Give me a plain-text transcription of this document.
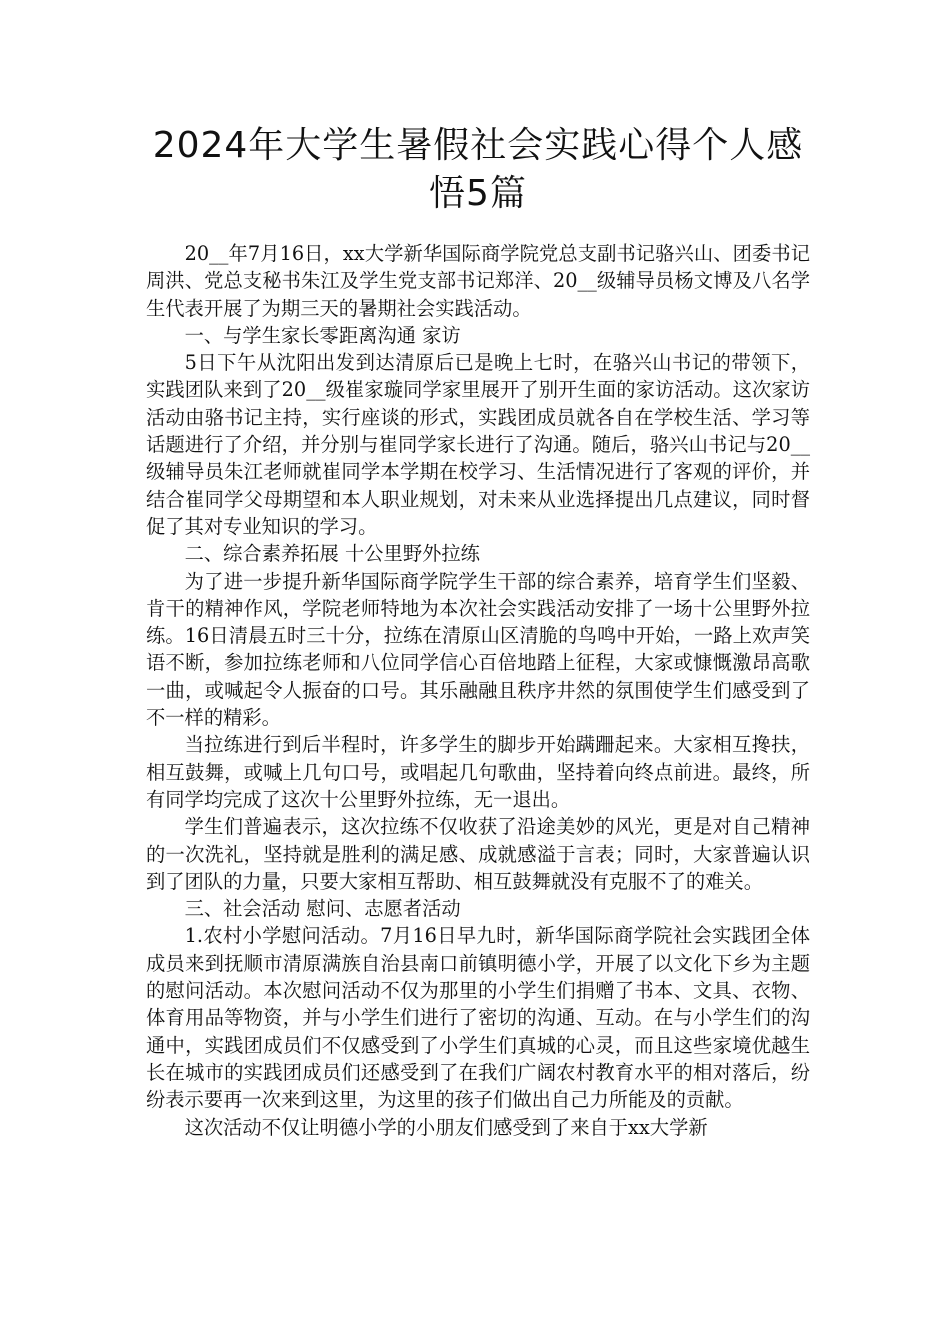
2024年大学生暑假社会实践心得个人感
悟5篇

20__年7月16日，xx大学新华国际商学院党总支副书记骆兴山、团委书记周洪、党总支秘书朱江及学生党支部书记郑洋、20__级辅导员杨文博及八名学生代表开展了为期三天的暑期社会实践活动。

一、与学生家长零距离沟通 家访

5日下午从沈阳出发到达清原后已是晚上七时，在骆兴山书记的带领下，实践团队来到了20__级崔家璇同学家里展开了别开生面的家访活动。这次家访活动由骆书记主持，实行座谈的形式，实践团成员就各自在学校生活、学习等话题进行了介绍，并分别与崔同学家长进行了沟通。随后，骆兴山书记与20__级辅导员朱江老师就崔同学本学期在校学习、生活情况进行了客观的评价，并结合崔同学父母期望和本人职业规划，对未来从业选择提出几点建议，同时督促了其对专业知识的学习。

二、综合素养拓展 十公里野外拉练

为了进一步提升新华国际商学院学生干部的综合素养，培育学生们坚毅、肯干的精神作风，学院老师特地为本次社会实践活动安排了一场十公里野外拉练。16日清晨五时三十分，拉练在清原山区清脆的鸟鸣中开始，一路上欢声笑语不断，参加拉练老师和八位同学信心百倍地踏上征程，大家或慷慨激昂高歌一曲，或喊起令人振奋的口号。其乐融融且秩序井然的氛围使学生们感受到了不一样的精彩。

当拉练进行到后半程时，许多学生的脚步开始蹒跚起来。大家相互搀扶，相互鼓舞，或喊上几句口号，或唱起几句歌曲，坚持着向终点前进。最终，所有同学均完成了这次十公里野外拉练，无一退出。

学生们普遍表示，这次拉练不仅收获了沿途美妙的风光，更是对自己精神的一次洗礼，坚持就是胜利的满足感、成就感溢于言表；同时，大家普遍认识到了团队的力量，只要大家相互帮助、相互鼓舞就没有克服不了的难关。

三、社会活动 慰问、志愿者活动

1.农村小学慰问活动。7月16日早九时，新华国际商学院社会实践团全体成员来到抚顺市清原满族自治县南口前镇明德小学，开展了以文化下乡为主题的慰问活动。本次慰问活动不仅为那里的小学生们捐赠了书本、文具、衣物、体育用品等物资，并与小学生们进行了密切的沟通、互动。在与小学生们的沟通中，实践团成员们不仅感受到了小学生们真城的心灵，而且这些家境优越生长在城市的实践团成员们还感受到了在我们广阔农村教育水平的相对落后，纷纷表示要再一次来到这里，为这里的孩子们做出自己力所能及的贡献。

这次活动不仅让明德小学的小朋友们感受到了来自于xx大学新
